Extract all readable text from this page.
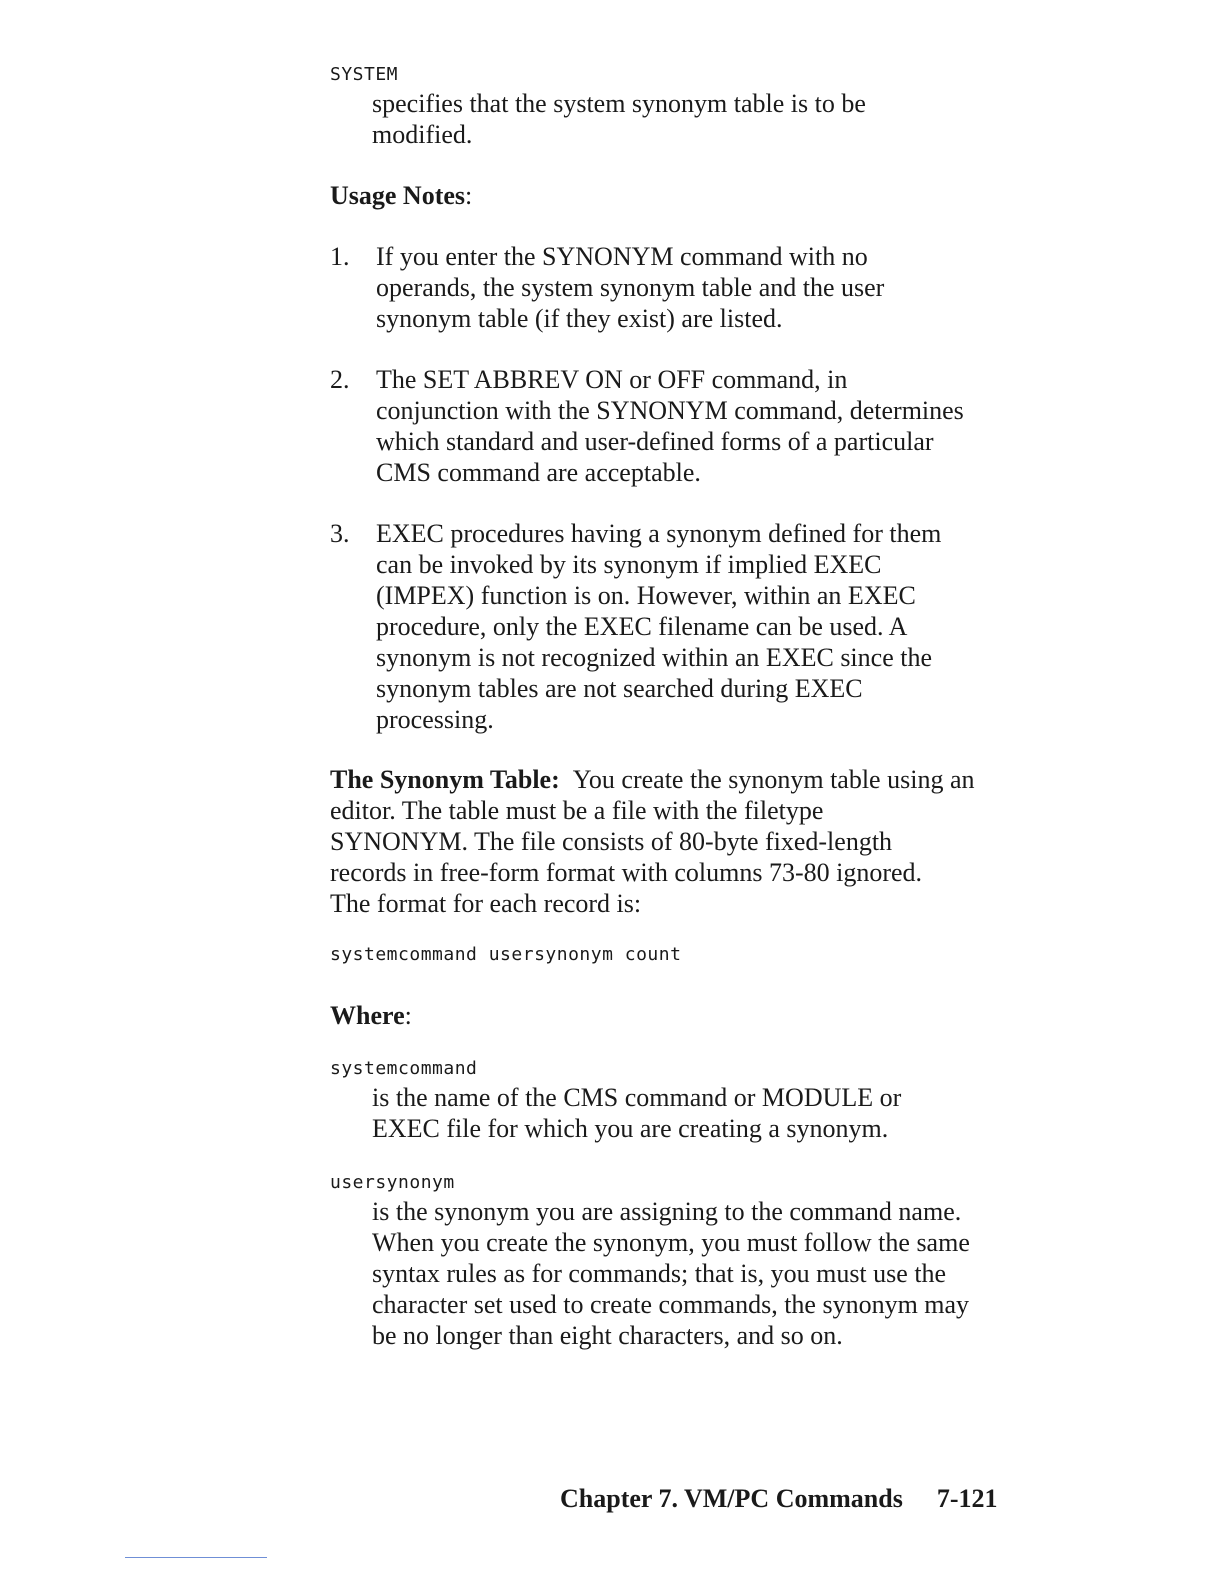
SYSTEM
specifies that the system synonym table is to be
modified.
Usage Notes:
1. If you enter the SYNONYM command with no
operands, the system synonym table and the user
synonym table (if they exist) are listed.
2. The SET ABBREV ON or OFF command, in
conjunction with the SYNONYM command, determines
which standard and user-defined forms of a particular
CMS command are acceptable.
3. EXEC procedures having a synonym defined for them
can be invoked by its synonym if implied EXEC
(IMPEX) function is on. However, within an EXEC
procedure, only the EXEC filename can be used. A
synonym is not recognized within an EXEC since the
synonym tables are not searched during EXEC
processing.
The Synonym Table: You create the synonym table using an
editor. The table must be a file with the filetype
SYNONYM. The file consists of 80-byte fixed-length
records in free-form format with columns 73-80 ignored.
The format for each record is:
systemcommand usersynonym count
Where:
systemcommand
is the name of the CMS command or MODULE or
EXEC file for which you are creating a synonym.
usersynonym
is the synonym you are assigning to the command name.
When you create the synonym, you must follow the same
syntax rules as for commands; that is, you must use the
character set used to create commands, the synonym may
be no longer than eight characters, and so on.
Chapter 7. VM/PC Commands 7-121
